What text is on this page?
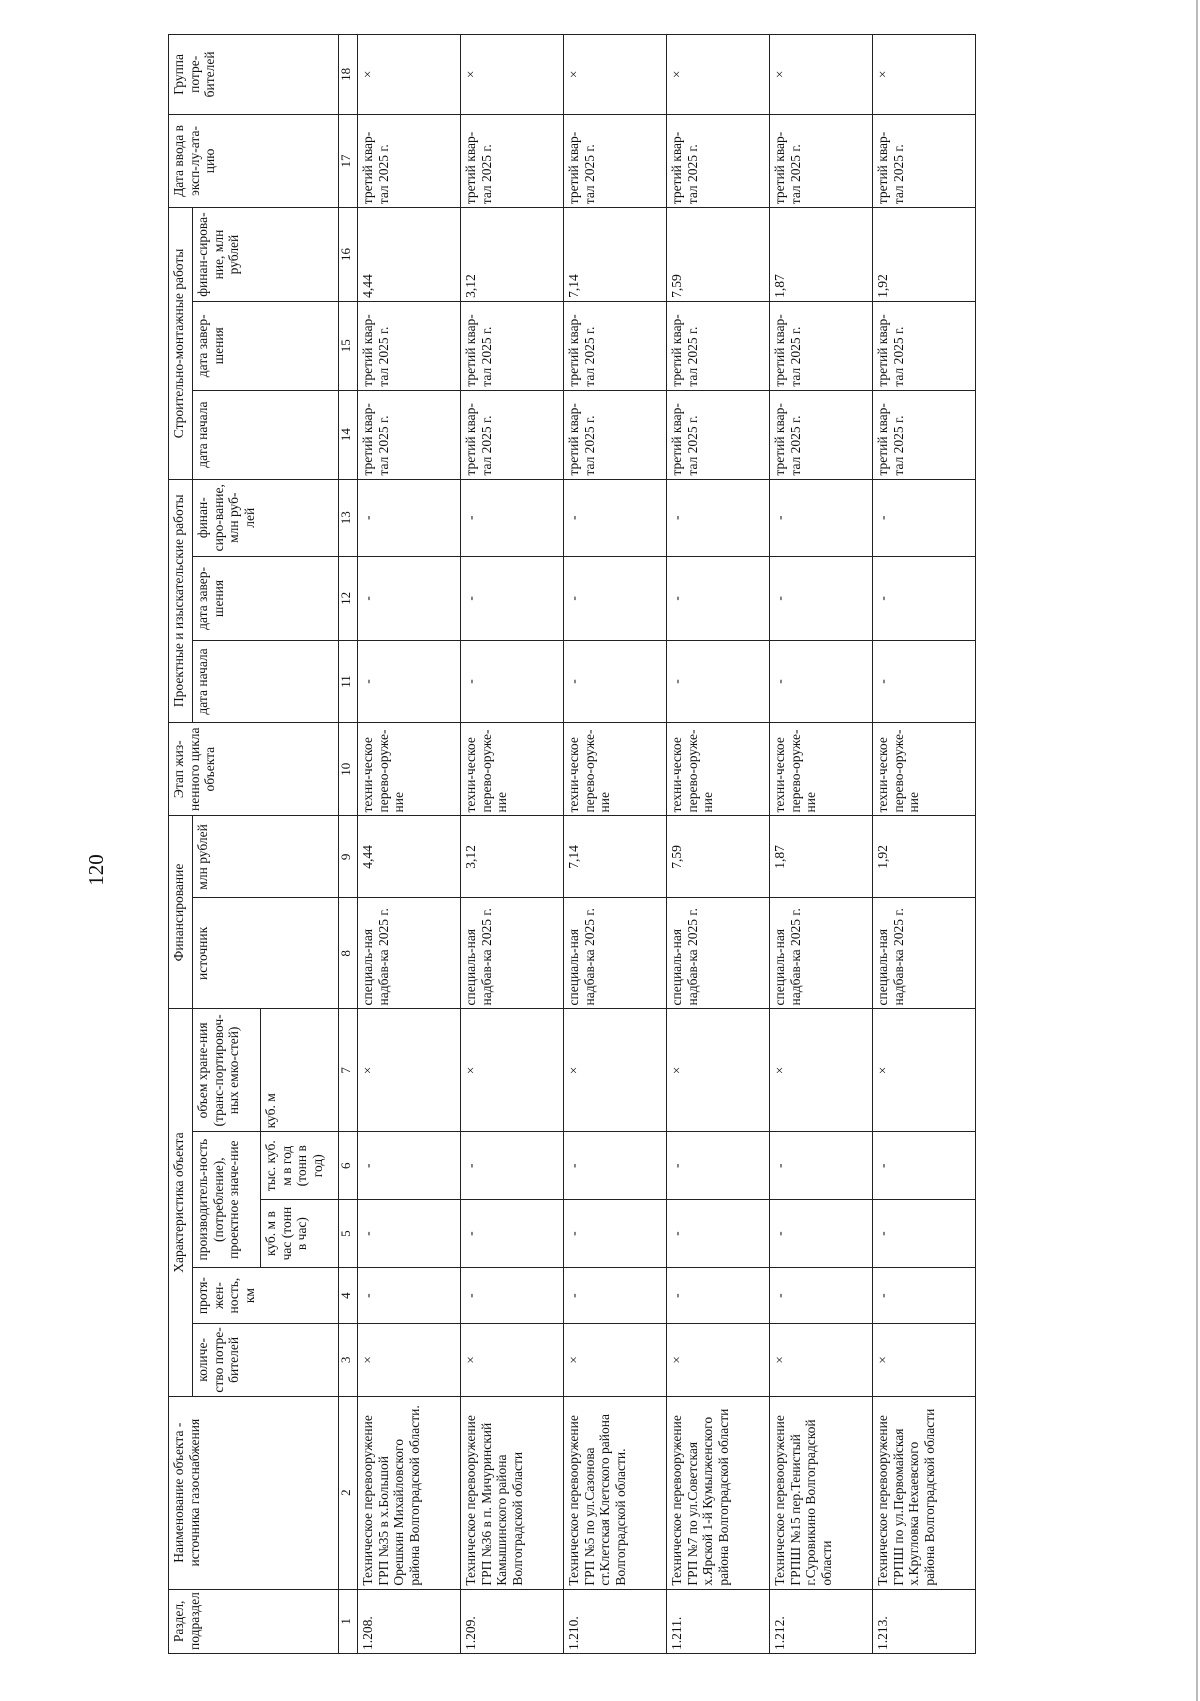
120
Раздел, подраздел	Наименование объекта - источника газоснабжения	Характеристика объекта					Финансирование		Этап жиз-ненного цикла объекта	Проектные и изыскательские работы			Строительно-монтажные работы			Дата ввода в эксп-лу-ата-цию	Группа потре-бителей
		количе-ство потре-бителей	протя-жен-ность, км	производитель-ность (потребление), проектное значе-ние		объем хране-ния (транс-портировоч-ных емко-стей)	источник	млн рублей		дата начала	дата завер-шения	финан-сиро-вание, млн руб-лей	дата начала	дата завер-шения	финан-сирова-ние, млн рублей		
				куб. м в час (тонн в час)	тыс. куб. м в год (тонн в год)	куб. м											
1	2	3	4	5	6	7	8	9	10	11	12	13	14	15	16	17	18
1.208.	Техническое перевооружение ГРП №35 в х.Большой Орешкин Михайловского района Волгоградской области.	×	-	-	-	×	специаль-ная надбав-ка 2025 г.	4,44	техни-ческое перево-оруже-ние	-	-	-	третий квар-тал 2025 г.	третий квар-тал 2025 г.	4,44	третий квар-тал 2025 г.	×
1.209.	Техническое перевооружение ГРП №36 в п. Мичуринский Камышинского района Волгоградской области	×	-	-	-	×	специаль-ная надбав-ка 2025 г.	3,12	техни-ческое перево-оруже-ние	-	-	-	третий квар-тал 2025 г.	третий квар-тал 2025 г.	3,12	третий квар-тал 2025 г.	×
1.210.	Техническое перевооружение ГРП №5 по ул.Сазонова ст.Клетская Клетского района Волгоградской области.	×	-	-	-	×	специаль-ная надбав-ка 2025 г.	7,14	техни-ческое перево-оруже-ние	-	-	-	третий квар-тал 2025 г.	третий квар-тал 2025 г.	7,14	третий квар-тал 2025 г.	×
1.211.	Техническое перевооружение ГРП №7 по ул.Советская х.Ярской 1-й Кумылженского района Волгоградской области	×	-	-	-	×	специаль-ная надбав-ка 2025 г.	7,59	техни-ческое перево-оруже-ние	-	-	-	третий квар-тал 2025 г.	третий квар-тал 2025 г.	7,59	третий квар-тал 2025 г.	×
1.212.	Техническое перевооружение ГРПШ №15 пер.Тенистый г.Суровикино Волгоградской области	×	-	-	-	×	специаль-ная надбав-ка 2025 г.	1,87	техни-ческое перево-оруже-ние	-	-	-	третий квар-тал 2025 г.	третий квар-тал 2025 г.	1,87	третий квар-тал 2025 г.	×
1.213.	Техническое перевооружение ГРПШ по ул.Первомайская х.Кругловка Нехаевского района Волгоградской области	×	-	-	-	×	специаль-ная надбав-ка 2025 г.	1,92	техни-ческое перево-оруже-ние	-	-	-	третий квар-тал 2025 г.	третий квар-тал 2025 г.	1,92	третий квар-тал 2025 г.	×
